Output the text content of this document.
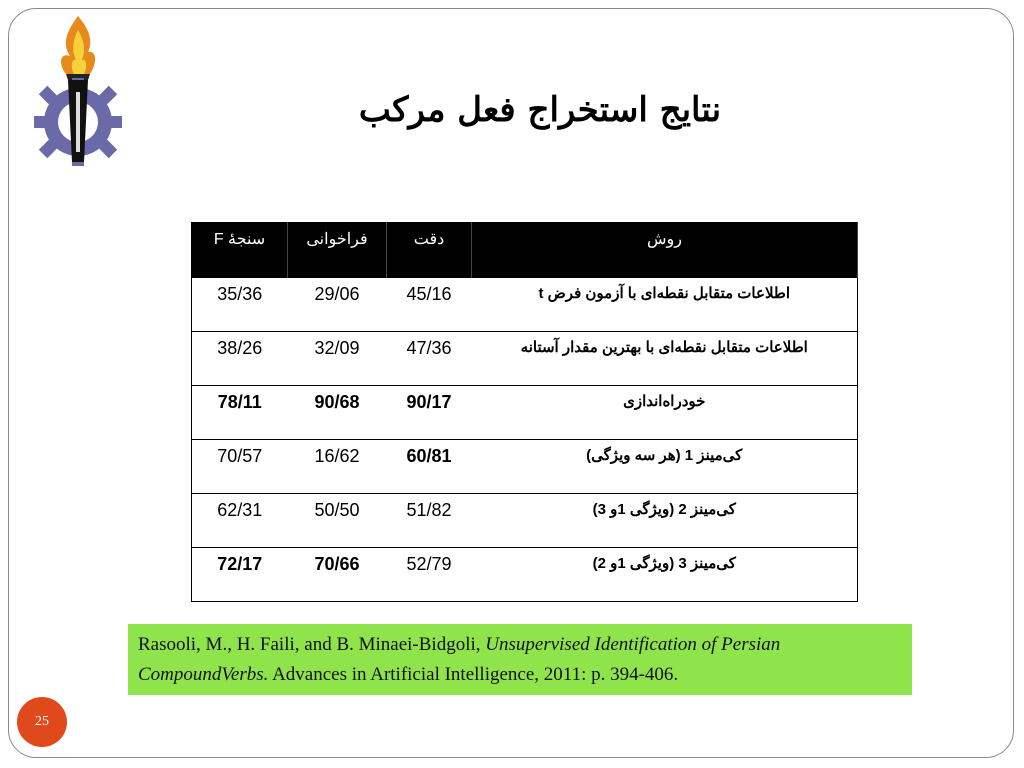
نتایج استخراج فعل مرکب
سنجۀ F	فراخوانی	دقت	روش
35/36	29/06	45/16	اطلاعات متقابل نقطه‌ای با آزمون فرض t
38/26	32/09	47/36	اطلاعات متقابل نقطه‌ای با بهترین مقدار آستانه
78/11	90/68	90/17	خودراه‌اندازی
70/57	16/62	60/81	کی‌مینز 1 (هر سه ویژگی)
62/31	50/50	51/82	کی‌مینز 2 (ویژگی 1و 3)
72/17	70/66	52/79	کی‌مینز 3 (ویژگی 1و 2)
Rasooli, M., H. Faili, and B. Minaei-Bidgoli, Unsupervised Identification of Persian CompoundVerbs. Advances in Artificial Intelligence, 2011: p. 394-406.
25
